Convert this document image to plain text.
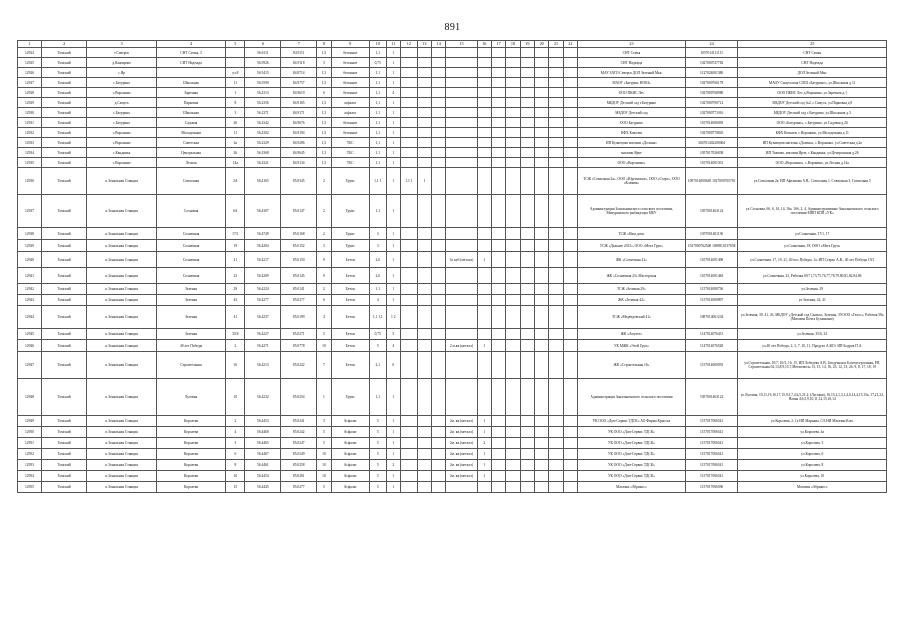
891
1	2	3	4	5	6	7	8	9	10	11	12	13	14	15	16	17	18	19	20	21	22	23	24	25
12924	Томский	г.Северск	СНТ Семья, 3		56.6111	84.9111	1,5	бетонное	1,1	1												СНТ Семья	1057014111111	СНТ Семья
12925	Томский	д.Кижирово	СНТ Надежда		56.5926	84.9118	3	бетонное	0,75	1												СНТ Надежда	1027000747782	СНТ Надежда
12926	Томский	с.Яр		ул.8	56.5415	84.8714	1,5	бетонное	1,1	1												МАУ ЗАТО Северск ДОЛ Зеленый Мыс	1127024001380	ДОЛ Зеленый Мыс
12927	Томский	с.Батурино	Школьная	11	56.5590	84.9757	1,5	бетонное	1,1	1												МАОУ «Батурин. НОШ»	1027000766178	МАОУ Самусьская СОШ «Батурино», ул.Школьная д.11
12928	Томский	с.Воронино	Заречная	1	56.2313	84.9619	6	бетонное	1,1	4												ООО ПКИС Лес	1027000768980	ООО ПКИС Лес д.Воронино, ул.Заречная д.1
12929	Томский	д.Самусь	Парковая	8	56.2356	84.9165	1,5	асфальт	1,1	1												МБДОУ Детский сад г.Батурино	1027000790712	МБДОУ Детский сад №2, с.Самусь, ул.Парковая д.8
12930	Томский	с.Батурино	Школьная	3	56.2371	84.9171	1,5	асфальт	1,1	1												МБДОУ Детский сад	1027000771016	МБДОУ Детский сад с.Батурино, ул.Школьная д.3
12931	Томский	с.Батурино	Садовая	26	56.2342	84.9676	1,5	бетонное	1,1	1												ООО Батурино	1107014006039	ООО «Батурино», с.Батурино, ул.Садовая д.26
12932	Томский	с.Воронино	Молодежная	11	56.2302	84.9194	1,5	бетонное	1,1	1												КФХ Ковалев	1027000770845	КФХ Ковалев, с.Воронино, ул.Молодежная д.11
12933	Томский	с.Воронино	Советская	2а	56.2329	84.9286	1,5	ТБС	1,1	1												ИП Кузнецова магазин «Долина»	304701402200064	ИП Кузнецова магазин «Долина», с.Воронино, ул.Советская д.2а
12934	Томский	с.Кандинка	Центральная	26	56.3368	84.9645	1,5	ТБС	1,1	1												магазин Ярче	1057017026838	ИП Ткачева, магазин Ярче, с.Кандинка, ул.Центральная д.26
12935	Томский	с.Воронино	Лесная	14а	56.2321	84.9134	1,5	ТБС	1,1	1												ООО «Воронино»	1107014001501	ООО «Воронино», с.Воронино, ул.Лесная д.14а
12936	Томский	п.Зональная Станция	Совхозная	2А	56.4165	85.0345	2	Грунт	1,1 1	1	1,1 1	1										ТСЖ «Совхозная 2а», ООО «Юргинское», ООО «Старт», ООО «Клюква»	1097014000649 1027000765781	ул.Совхозная 2а, ИП Афтыкова А.В., Совхозная 1, Совхозная 3, Совхозная 5
12937	Томский	п.Зональная Станция	Сосновая	6А	56.4307	85.0147	2	Грунт	1,1	1												Администрация Зональненского сельского поселения, Мичуринского рыбнадзора МБУ	1057001463122	ул.Сосновая, 6б, 6, 10, 14, 16а, 16б, 2, 4, Административные Зональненского сельского поселения МПП КПП «УК»
12938	Томский	п.Зональная Станция	Солнечная	17/1	56.4749	85.0168	2	Грунт	3	1												ТСЖ «Наш дом»	1057001401130	ул.Солнечная, 17/1, 17
12939	Томский	п.Зональная Станция	Солнечная	19	56.4284	85.0152	3	Грунт	3	1												ТСЖ «Дальнее 2013», ООО «Мега Груп»	1027000762568 1069810137658	ул.Солнечная, 19, ООО «Мега Груп»
12940	Томский	п.Зональная Станция	Солнечная	21	56.4217	85.0150	9	Бетон	2,6	1				3х куб.(металл)	1							ЖК «Солнечная 21»	1107014001498	ул.Солнечная, 17, 19, 21, 40 пос.Победы, 1а, ИП Старкс А.В., 40 лет Победы 19/1
12941	Томский	п.Зональная Станция	Солнечная	23	56.4209	85.0145	9	Бетон	2,6	1												ЖК «Солнечная 23» Мастерская	1107014001484	ул.Солнечная, 23, Рабочая 69,71,73,75,76,77,78,79,80,81,82,84,86
12942	Томский	п.Зональная Станция	Зеленая	29	56.4224	85.0141	2	Бетон	1,1	1												ТСЖ «Зеленая 29»	1157014000736	ул.Зеленая, 29
12943	Томский	п.Зональная Станция	Зеленая	42	56.4277	85.0277	6	Бетон	4	1												ЖК «Зеленая 42»	1157014000897	ул.Зеленая, 42, 41
12944	Томский	п.Зональная Станция	Зеленая	41	56.4237	85.0199	4	Бетон	1,1 1,1	1 2												ТСЖ «Медведевский 41»	1087014001234	ул.Зеленая, 39, 41, 43, МБДОУ «Детский сад Сказка», Зеленая, 39 ООО «Гелос», Рабочая 58а (Магазин Почта Буханкино)
12945	Томский	п.Зональная Станция	Зеленая	35/6	56.4227	85.0271	5	Бетон	0,75	5												ЖК «Амулет»	1147014076431	ул.Зеленая, 35/6, 32
12946	Томский	п.Зональная Станция	40 лет Победы	2	56.4271	85.0778	10	Бетон	5	4				2 м.кв.(металл)	1							УК МЖК «Этой Груп»	1147014076528	ул.40 лет Победы, 2, 3, 7, 10, 11, Продукт А.ЮЭ, ИП Бодров П.А.
12947	Томский	п.Зональная Станция	Строительная	16	56.4213	85.0222	7	Бетон	2,1	6												ЖК «Строительная 16»	1157014000593	ул.Строительная, 10/7, 10/3, 16, 15, ИП Лебедева А.В., Бюдучная и Благоустроенная, РП. Строительная 02,13,8,9,15,7,Мегаплюсы 13, 15, 14, 16, 23, 12, 13, 26, 9, 8, 17, 18, 19
12948	Томский	п.Зональная Станция	Луговая	10	56.4232	85.0254	1	Грунт	1,1	1												Администрация Зональненского сельского поселения	1057001463122	ул.Луговая, 10,11,19,16,17,15,9,3,7,4,6,5,21,2, (Луговая), 16,15,2,1,3,1,4,6,14,4,15,15а, 17,21,22, Новая 4,6,5,9,10,11,12,15,16,14
12949	Томский	п.Зональная Станция	Королева	2	56.4453	85.0241	3	Асфальт	5	1				2м. кв.(металл)	1							УК ООО «Дом-Сервис ТДСК» АО Фирма Кристал	1157017006541	ул.Королева, 2, 1а ИП Марьяна, СА.НИ Магазин Кпп.
12950	Томский	п.Зональная Станция	Королева	4	56.4460	85.0242	5	Асфальт	5	1				2м. кв.(металл)	1							УК ООО «Дом-Сервис ТДСК»	1157017006541	ул.Королева, 4а
12951	Томский	п.Зональная Станция	Королева	3	56.4465	85.0247	5	Асфальт	5	1				2м. кв.(металл)	2							УК ООО «Дом-Сервис ТДСК»	1157017006541	ул.Королева, 3
12952	Томский	п.Зональная Станция	Королева	6	56.4467	85.0249	10	Асфальт	5	1				2м. кв.(металл)	1							УК ООО «Дом-Сервис ТДСК»	1157017006541	ул.Королева, 6
12953	Томский	п.Зональная Станция	Королева	8	56.4461	85.0258	10	Асфальт	5	2				2м. кв.(металл)	1							УК ООО «Дом-Сервис ТДСК»	1157017006541	ул.Королева, 8
12954	Томский	п.Зональная Станция	Королева	10	56.4454	85.0261	10	Асфальт	5	1				2м. кв.(металл)	1							УК ООО «Дом-Сервис ТДСК»	1157017006541	ул.Королева, 10
12955	Томский	п.Зональная Станция	Королева	15	56.4445	85.0277	5	Асфальт	5	1												Магазин «Абрикос»	1157017006596	Магазин «Абрикос»
